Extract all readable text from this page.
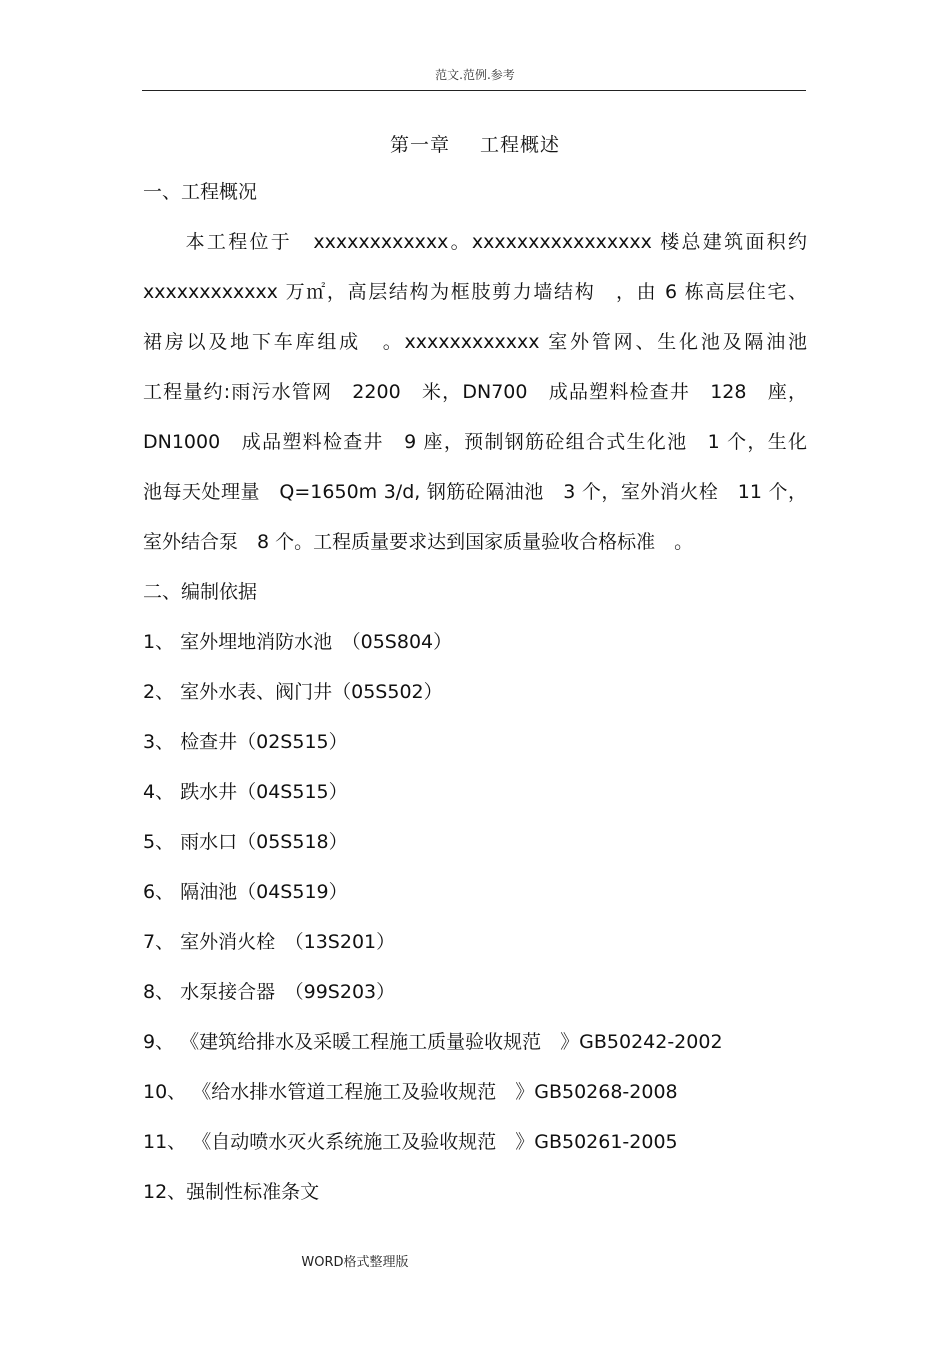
范文.范例.参考
第一章 工程概述
一、工程概况
　　本工程位于　xxxxxxxxxxxx。xxxxxxxxxxxxxxxx 楼总建筑面积约
xxxxxxxxxxxx 万㎡，高层结构为框肢剪力墙结构　，由 6 栋高层住宅、
裙房以及地下车库组成　。xxxxxxxxxxxx 室外管网、生化池及隔油池
工程量约:雨污水管网　2200　米，DN700　成品塑料检查井　128　座，
DN1000　成品塑料检查井　9 座，预制钢筋砼组合式生化池　1 个，生化
池每天处理量　Q=1650m 3/d, 钢筋砼隔油池　3 个，室外消火栓　11 个，
室外结合泵　8 个。工程质量要求达到国家质量验收合格标准　。
二、编制依据
1、 室外埋地消防水池　（05S804）
2、 室外水表、阀门井（05S502）
3、 检查井（02S515）
4、 跌水井（04S515）
5、 雨水口（05S518）
6、 隔油池（04S519）
7、 室外消火栓　（13S201）
8、 水泵接合器　（99S203）
9、 《建筑给排水及采暖工程施工质量验收规范　》GB50242-2002
10、 《给水排水管道工程施工及验收规范　》GB50268-2008
11、 《自动喷水灭火系统施工及验收规范　》GB50261-2005
12、强制性标准条文
WORD格式整理版
